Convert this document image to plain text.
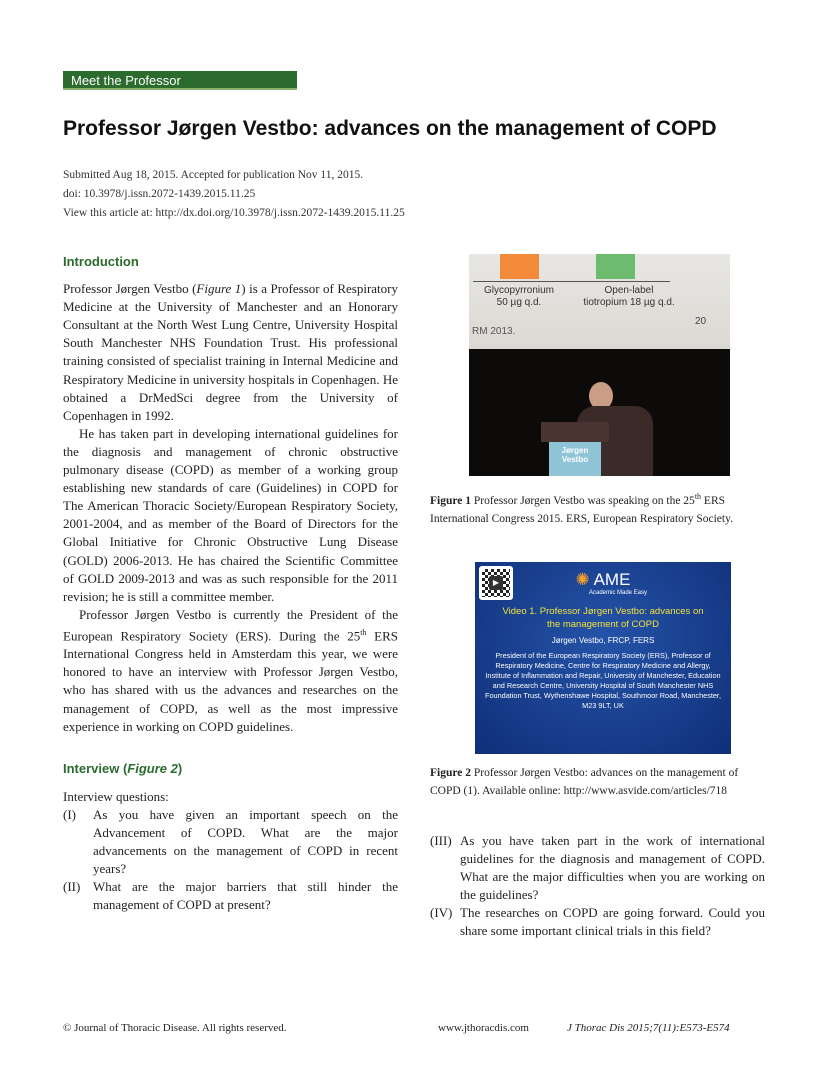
Meet the Professor
Professor Jørgen Vestbo: advances on the management of COPD
Submitted Aug 18, 2015. Accepted for publication Nov 11, 2015.
doi: 10.3978/j.issn.2072-1439.2015.11.25
View this article at: http://dx.doi.org/10.3978/j.issn.2072-1439.2015.11.25
Introduction

Professor Jørgen Vestbo (Figure 1) is a Professor of Respiratory Medicine at the University of Manchester and an Honorary Consultant at the North West Lung Centre, University Hospital South Manchester NHS Foundation Trust. His professional training consisted of specialist training in Internal Medicine and Respiratory Medicine in university hospitals in Copenhagen. He obtained a DrMedSci degree from the University of Copenhagen in 1992.

He has taken part in developing international guidelines for the diagnosis and management of chronic obstructive pulmonary disease (COPD) as member of a working group establishing new standards of care (Guidelines) in COPD for The American Thoracic Society/European Respiratory Society, 2001-2004, and as member of the Board of Directors for the Global Initiative for Chronic Obstructive Lung Disease (GOLD) 2006-2013. He has chaired the Scientific Committee of GOLD 2009-2013 and was as such responsible for the 2011 revision; he is still a committee member.

Professor Jørgen Vestbo is currently the President of the European Respiratory Society (ERS). During the 25th ERS International Congress held in Amsterdam this year, we were honored to have an interview with Professor Jørgen Vestbo, who has shared with us the advances and researches on the management of COPD, as well as the most impressive experience in working on COPD guidelines.

Interview (Figure 2)
Interview questions:
(I)	As you have given an important speech on the Advancement of COPD. What are the major advancements on the management of COPD in recent years?
(II) What are the major barriers that still hinder the management of COPD at present?
Glycopyrronium
50 µg q.d.
Open-label
tiotropium 18 µg q.d.
RM 2013.
20
Jørgen Vestbo
Figure 1 Professor Jørgen Vestbo was speaking on the 25th ERS International Congress 2015. ERS, European Respiratory Society.
✺ AME
Academic Made Easy
Video 1. Professor Jørgen Vestbo: advances on the management of COPD
Jørgen Vestbo, FRCP, FERS
President of the European Respiratory Society (ERS), Professor of Respiratory Medicine, Centre for Respiratory Medicine and Allergy, Institute of Inflammation and Repair, University of Manchester, Education and Research Centre, University Hospital of South Manchester NHS Foundation Trust, Wythenshawe Hospital, Southmoor Road, Manchester, M23 9LT, UK
▶
Figure 2 Professor Jørgen Vestbo: advances on the management of COPD (1). Available online: http://www.asvide.com/articles/718
(III) As you have taken part in the work of international guidelines for the diagnosis and management of COPD. What are the major difficulties when you are working on the guidelines?
(IV) The researches on COPD are going forward. Could you share some important clinical trials in this field?
© Journal of Thoracic Disease. All rights reserved.	www.jthoracdis.com	J Thorac Dis 2015;7(11):E573-E574
